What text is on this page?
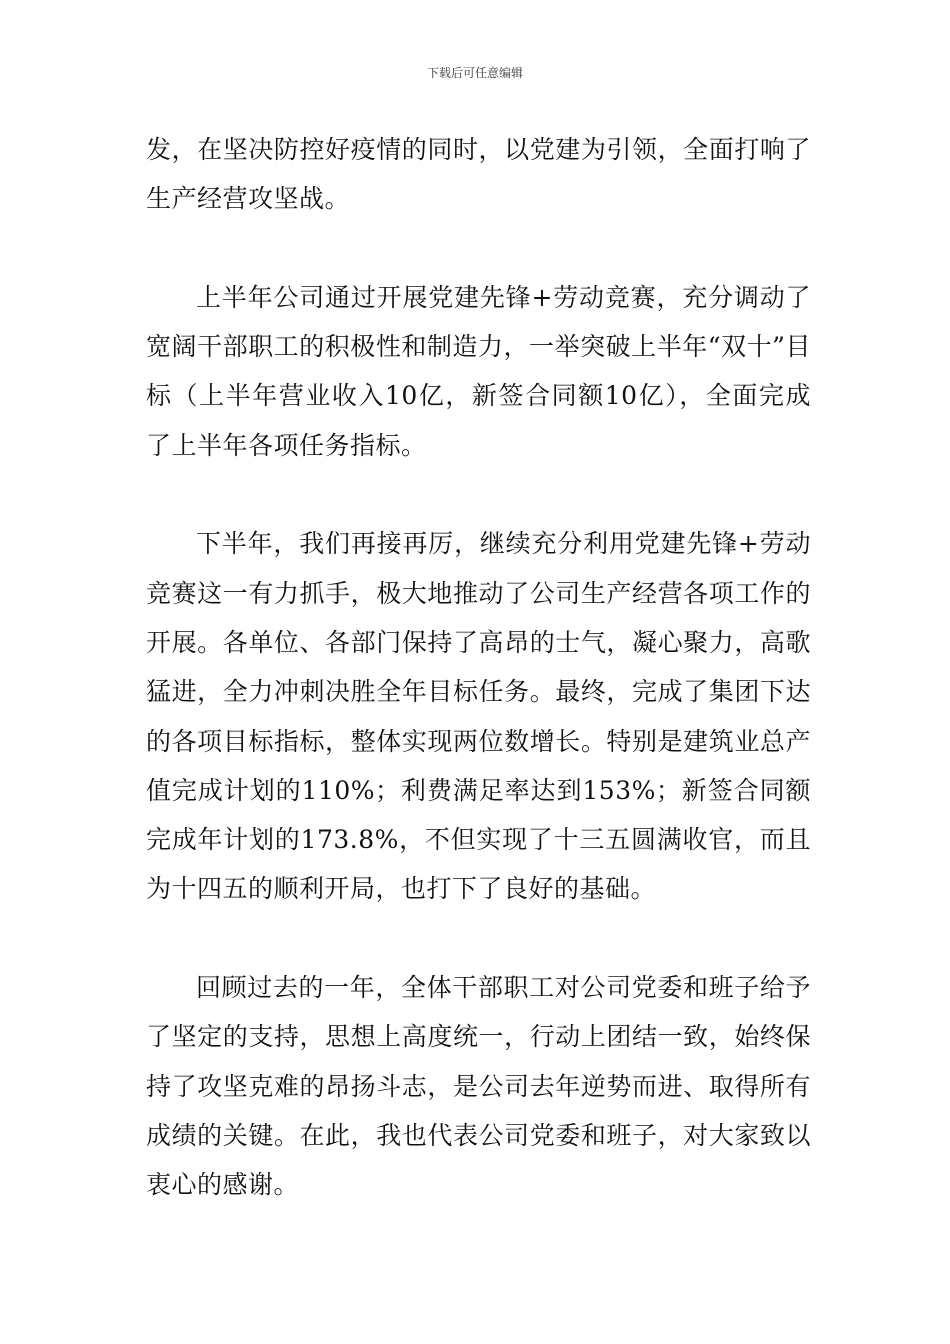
下载后可任意编辑

发，在坚决防控好疫情的同时，以党建为引领，全面打响了生产经营攻坚战。

上半年公司通过开展党建先锋+劳动竞赛，充分调动了宽阔干部职工的积极性和制造力，一举突破上半年“双十”目标（上半年营业收入10亿，新签合同额10亿），全面完成了上半年各项任务指标。

下半年，我们再接再厉，继续充分利用党建先锋+劳动竞赛这一有力抓手，极大地推动了公司生产经营各项工作的开展。各单位、各部门保持了高昂的士气，凝心聚力，高歌猛进，全力冲刺决胜全年目标任务。最终，完成了集团下达的各项目标指标，整体实现两位数增长。特别是建筑业总产值完成计划的110%；利费满足率达到153%；新签合同额完成年计划的173.8%，不但实现了十三五圆满收官，而且为十四五的顺利开局，也打下了良好的基础。

回顾过去的一年，全体干部职工对公司党委和班子给予了坚定的支持，思想上高度统一，行动上团结一致，始终保持了攻坚克难的昂扬斗志，是公司去年逆势而进、取得所有成绩的关键。在此，我也代表公司党委和班子，对大家致以衷心的感谢。
